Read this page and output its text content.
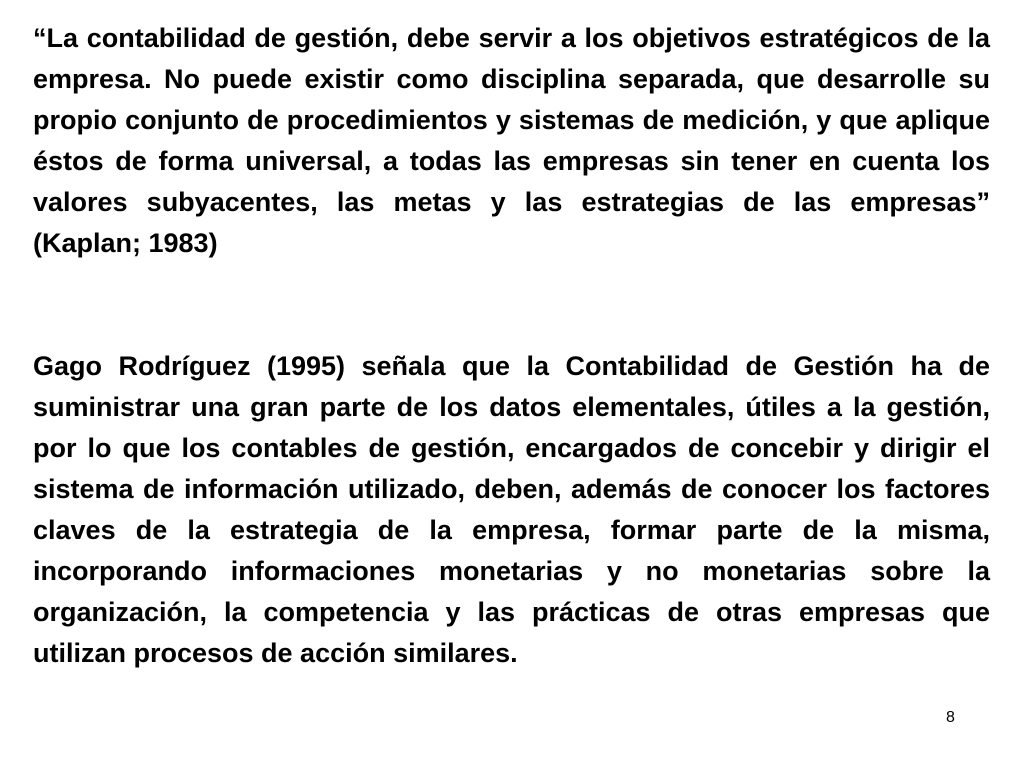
“La contabilidad de gestión, debe servir a los objetivos estratégicos de la empresa. No puede existir como disciplina separada, que desarrolle su propio conjunto de procedimientos y sistemas de medición, y que aplique éstos de forma universal, a todas las empresas sin tener en cuenta los valores subyacentes, las metas y las estrategias de las empresas” (Kaplan; 1983)

Gago Rodríguez (1995) señala que la Contabilidad de Gestión ha de suministrar una gran parte de los datos elementales, útiles a la gestión, por lo que los contables de gestión, encargados de concebir y dirigir el sistema de información utilizado, deben, además de conocer los factores claves de la estrategia de la empresa, formar parte de la misma, incorporando informaciones monetarias y no monetarias sobre la organización, la competencia y las prácticas de otras empresas que utilizan procesos de acción similares.

8
